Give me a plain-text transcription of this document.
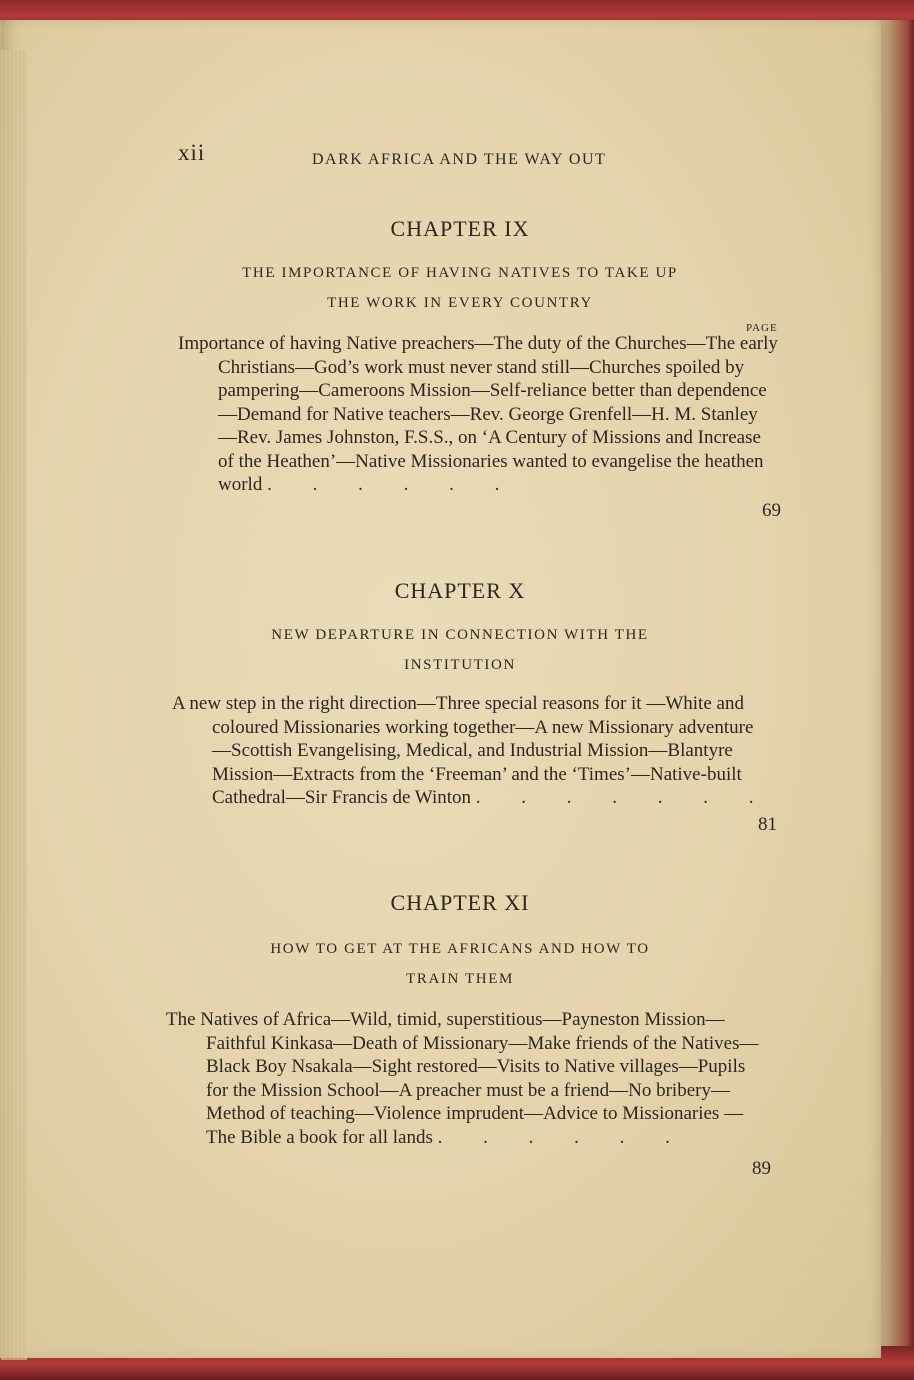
xii	DARK AFRICA AND THE WAY OUT
CHAPTER IX
THE IMPORTANCE OF HAVING NATIVES TO TAKE UP
THE WORK IN EVERY COUNTRY
Importance of having Native preachers—The duty of the Churches—The early Christians—God’s work must never stand still—Churches spoiled by pampering—Cameroons Mission—Self-reliance better than dependence—Demand for Native teachers—Rev. George Grenfell—H. M. Stanley —Rev. James Johnston, F.S.S., on ‘A Century of Missions and Increase of the Heathen’—Native Missionaries wanted to evangelise the heathen world . . . . . .
PAGE
69
CHAPTER X
NEW DEPARTURE IN CONNECTION WITH THE
INSTITUTION
A new step in the right direction—Three special reasons for it —White and coloured Missionaries working together—A new Missionary adventure—Scottish Evangelising, Medical, and Industrial Mission—Blantyre Mission—Extracts from the ‘Freeman’ and the ‘Times’—Native-built Cathedral—Sir Francis de Winton . . . . . . .
81
CHAPTER XI
HOW TO GET AT THE AFRICANS AND HOW TO
TRAIN THEM
The Natives of Africa—Wild, timid, superstitious—Payneston Mission—Faithful Kinkasa—Death of Missionary—Make friends of the Natives—Black Boy Nsakala—Sight restored—Visits to Native villages—Pupils for the Mission School—A preacher must be a friend—No bribery—Method of teaching—Violence imprudent—Advice to Missionaries —The Bible a book for all lands . . . . . .
89
